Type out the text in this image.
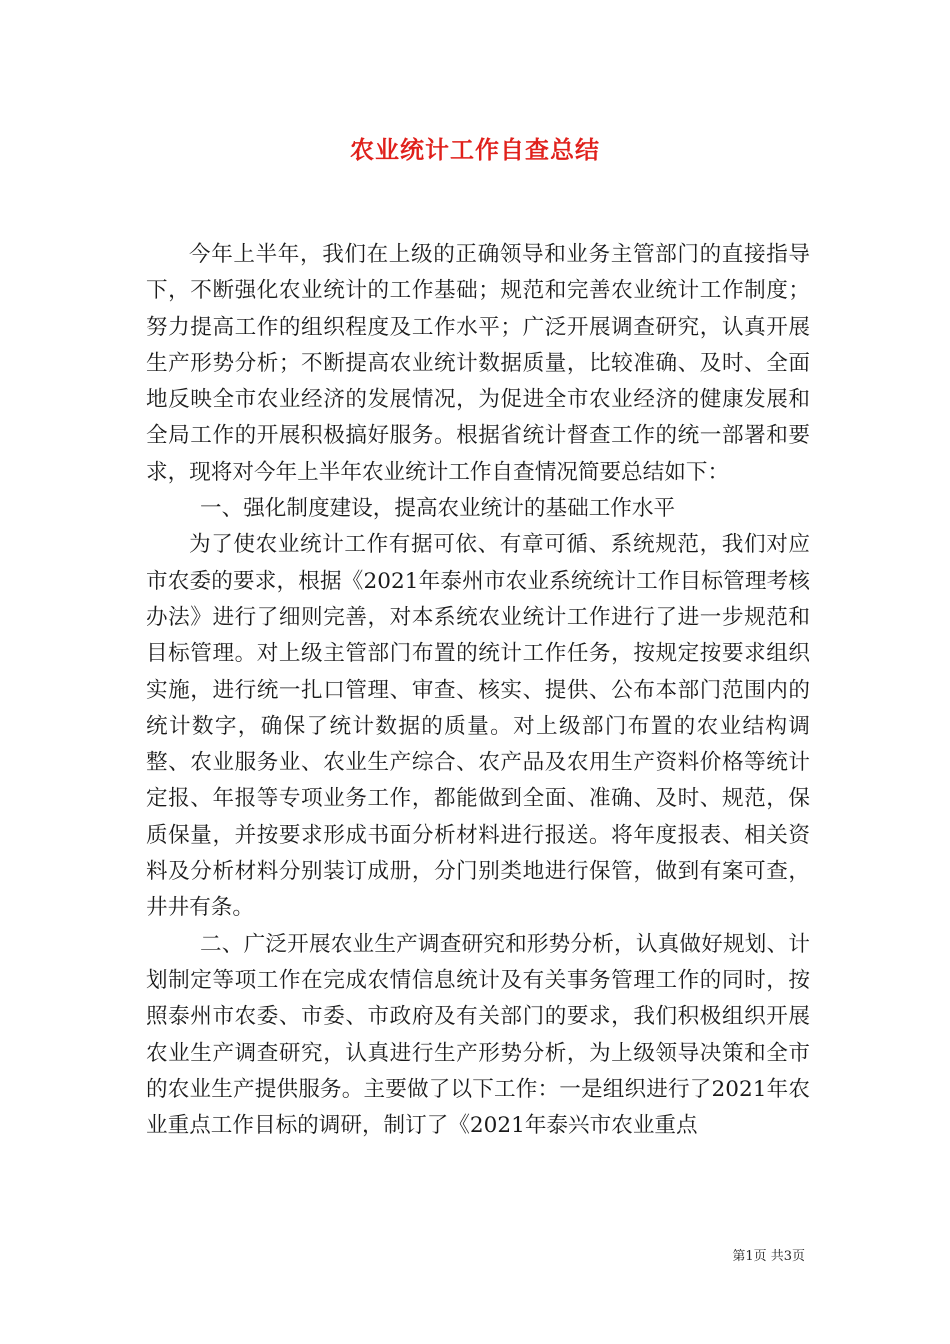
农业统计工作自查总结

今年上半年，我们在上级的正确领导和业务主管部门的直接指导下，不断强化农业统计的工作基础；规范和完善农业统计工作制度；努力提高工作的组织程度及工作水平；广泛开展调查研究，认真开展生产形势分析；不断提高农业统计数据质量，比较准确、及时、全面地反映全市农业经济的发展情况，为促进全市农业经济的健康发展和全局工作的开展积极搞好服务。根据省统计督查工作的统一部署和要求，现将对今年上半年农业统计工作自查情况简要总结如下：

一、强化制度建设，提高农业统计的基础工作水平

为了使农业统计工作有据可依、有章可循、系统规范，我们对应市农委的要求，根据《2021年泰州市农业系统统计工作目标管理考核办法》进行了细则完善，对本系统农业统计工作进行了进一步规范和目标管理。对上级主管部门布置的统计工作任务，按规定按要求组织实施，进行统一扎口管理、审查、核实、提供、公布本部门范围内的统计数字，确保了统计数据的质量。对上级部门布置的农业结构调整、农业服务业、农业生产综合、农产品及农用生产资料价格等统计定报、年报等专项业务工作，都能做到全面、准确、及时、规范，保质保量，并按要求形成书面分析材料进行报送。将年度报表、相关资料及分析材料分别装订成册，分门别类地进行保管，做到有案可查，井井有条。

二、广泛开展农业生产调查研究和形势分析，认真做好规划、计划制定等项工作在完成农情信息统计及有关事务管理工作的同时，按照泰州市农委、市委、市政府及有关部门的要求，我们积极组织开展农业生产调查研究，认真进行生产形势分析，为上级领导决策和全市的农业生产提供服务。主要做了以下工作：一是组织进行了2021年农业重点工作目标的调研，制订了《2021年泰兴市农业重点

第1页 共3页
